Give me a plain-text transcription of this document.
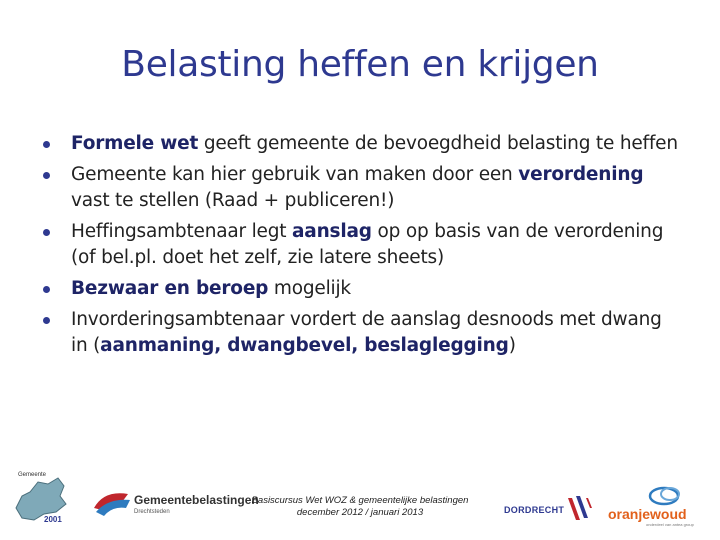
Belasting heffen en krijgen
Formele wet geeft gemeente de bevoegdheid belasting te heffen
Gemeente kan hier gebruik van maken door een verordening vast te stellen (Raad + publiceren!)
Heffingsambtenaar legt aanslag op op basis van de verordening (of bel.pl. doet het zelf, zie latere sheets)
Bezwaar en beroep mogelijk
Invorderingsambtenaar vordert de aanslag desnoods met dwang in (aanmaning, dwangbevel, beslaglegging)
Gemeente
2001
Gemeentebelastingen
Drechtsteden
Basiscursus Wet WOZ & gemeentelijke belastingen
december 2012 / januari 2013	DORDRECHT	oranjewoud
onderdeel van antea group
